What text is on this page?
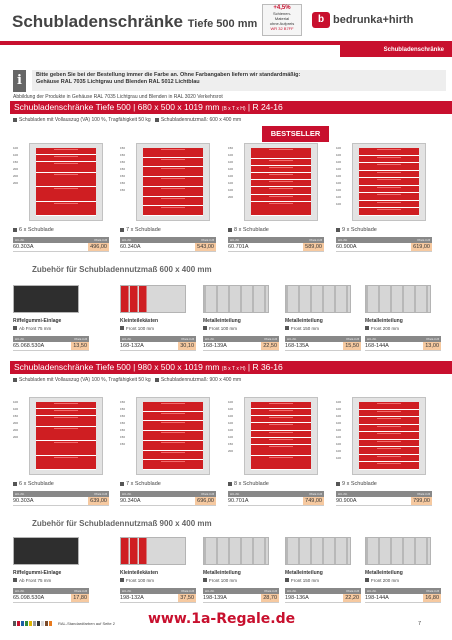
Schubladenschränke Tiefe 500 mm
+4,5%
Schienen-
Material
ohne Aufpreis
WR 32 B7FF
b bedrunka+hirth
Schubladenschränke
i	Bitte geben Sie bei der Bestellung immer die Farbe an. Ohne Farbangaben liefern wir standardmäßig:
Gehäuse RAL 7035 Lichtgrau und Blenden RAL 5012 Lichtblau
Abbildung der Produkte in Gehäuse RAL 7035 Lichtgrau und Blenden in RAL 3020 Verkehrsrot
Schubladenschränke Tiefe 500 | 680 x 500 x 1019 mm (B x T x H) | R 24-16
Schubladen mit Vollauszug (VA) 100 %, Tragfähigkeit 50 kg Schubladennutzmaß: 600 x 400 mm
BESTSELLER
100
100
150
200
200
200
6 x Schublade
Art.-Nr.	Preis in €
60.303A	496,00
150
150
150
150
150
150
150
7 x Schublade
Art.-Nr.	Preis in €
60.340A	543,00
150
100
100
100
100
100
100
200
8 x Schublade
Art.-Nr.	Preis in €
60.701A	589,00
100
100
100
100
100
100
100
100
100
9 x Schublade
Art.-Nr.	Preis in €
60.900A	619,00
Zubehör für Schubladennutzmaß 600 x 400 mm
Riffelgummi-Einlage
Ab Front 75 mm
Art.-Nr.	Preis in €
65.068.530A	13,50
Kleinteilekästen
Front 100 mm
Art.-Nr.	Preis in €
168-132A	30,10
Metalleinteilung
Front 100 mm
Art.-Nr.	Preis in €
168-139A	22,50
Metalleinteilung
Front 150 mm
Art.-Nr.	Preis in €
168-135A	15,50
Metalleinteilung
Front 200 mm
Art.-Nr.	Preis in €
168-144A	13,00
Schubladenschränke Tiefe 500 | 980 x 500 x 1019 mm (B x T x H) | R 36-16
Schubladen mit Vollauszug (VA) 100 %, Tragfähigkeit 50 kg Schubladennutzmaß: 900 x 400 mm
100
100
150
200
200
200
6 x Schublade
Art.-Nr.	Preis in €
90.303A	639,00
150
150
150
150
150
150
150
7 x Schublade
Art.-Nr.	Preis in €
90.340A	696,00
100
100
100
100
100
100
150
200
8 x Schublade
Art.-Nr.	Preis in €
90.701A	749,00
100
100
100
100
100
100
100
100
100
9 x Schublade
Art.-Nr.	Preis in €
90.900A	799,00
Zubehör für Schubladennutzmaß 900 x 400 mm
Riffelgummi-Einlage
Ab Front 75 mm
Art.-Nr.	Preis in €
65.098.530A	17,80
Kleinteilekästen
Front 100 mm
Art.-Nr.	Preis in €
198-132A	37,50
Metalleinteilung
Front 100 mm
Art.-Nr.	Preis in €
198-139A	28,70
Metalleinteilung
Front 150 mm
Art.-Nr.	Preis in €
198-136A	22,20
Metalleinteilung
Front 200 mm
Art.-Nr.	Preis in €
198-144A	16,80
RAL-Standardfarben auf Seite 2 www.1a-Regale.de	7
